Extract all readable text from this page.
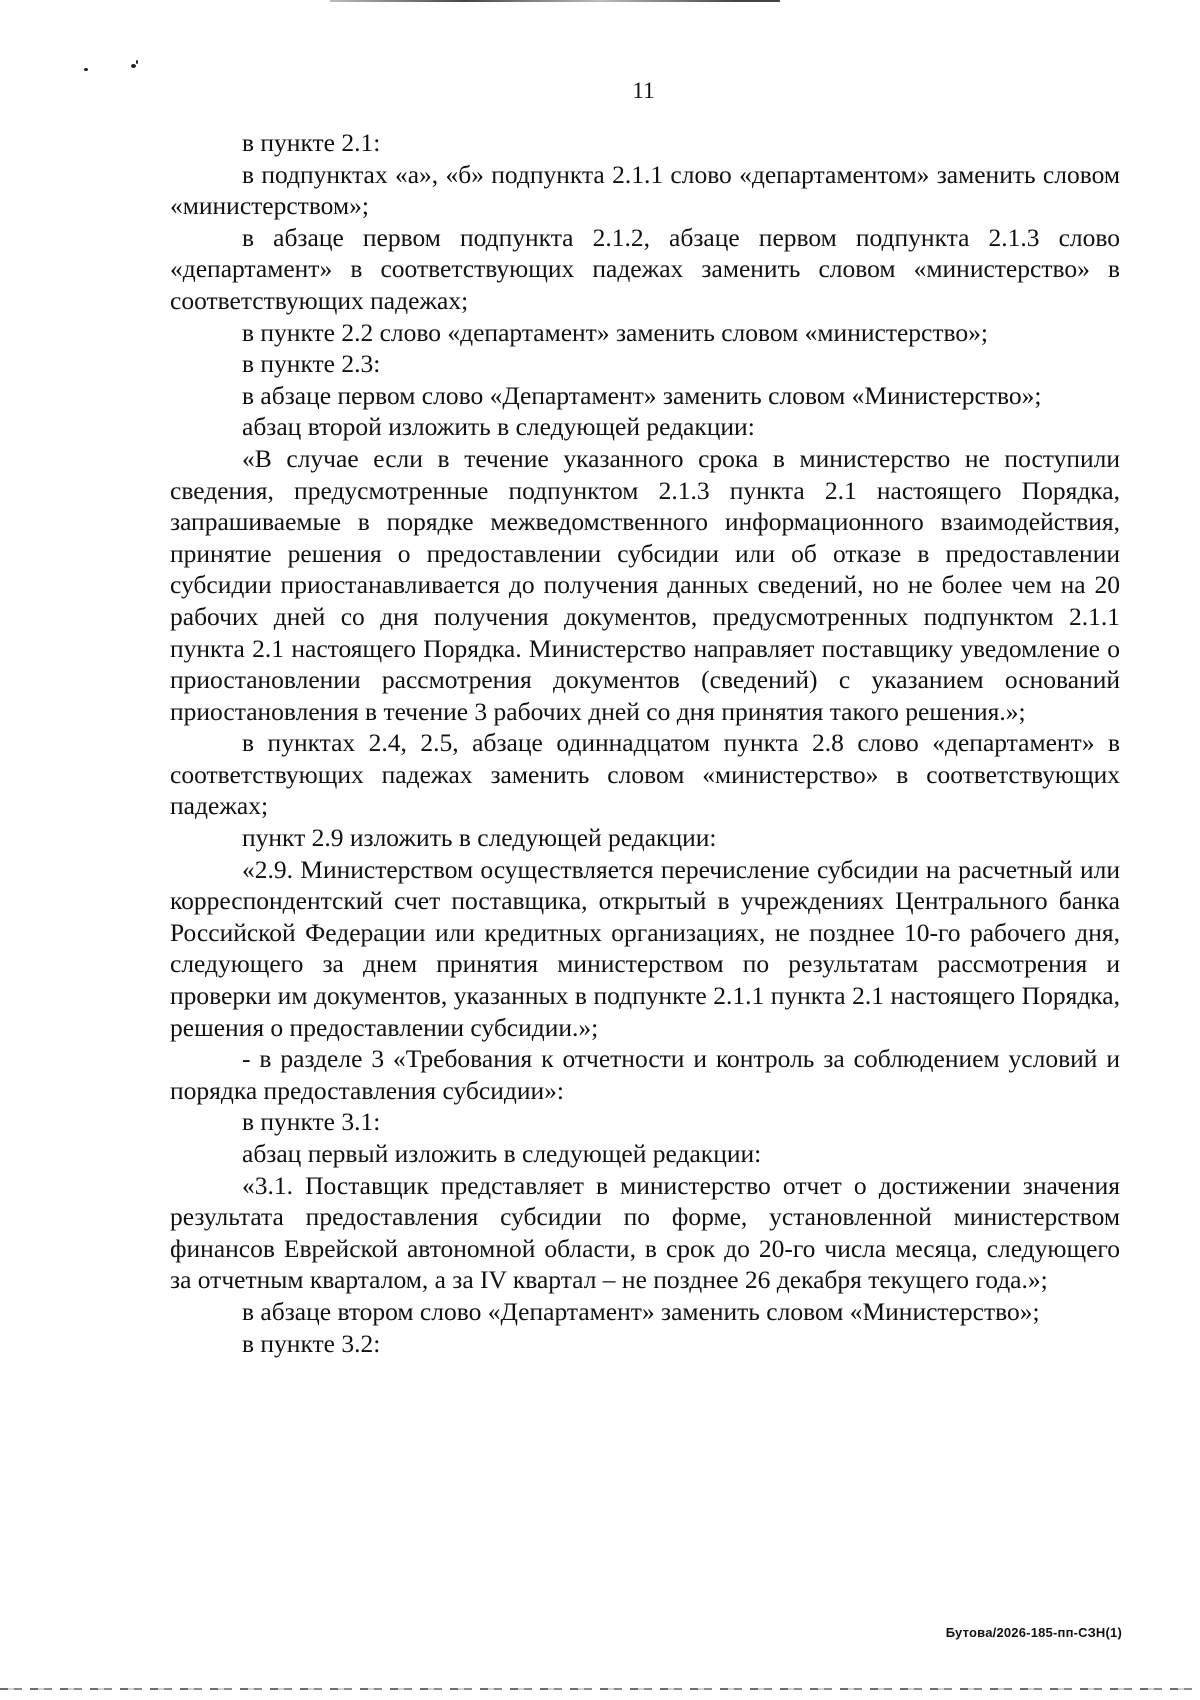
11

в пункте 2.1:

в подпунктах «а», «б» подпункта 2.1.1 слово «департаментом» заменить словом «министерством»;

в абзаце первом подпункта 2.1.2, абзаце первом подпункта 2.1.3 слово «департамент» в соответствующих падежах заменить словом «министерство» в соответствующих падежах;

в пункте 2.2 слово «департамент» заменить словом «министерство»;

в пункте 2.3:

в абзаце первом слово «Департамент» заменить словом «Министерство»;

абзац второй изложить в следующей редакции:

«В случае если в течение указанного срока в министерство не поступили сведения, предусмотренные подпунктом 2.1.3 пункта 2.1 настоящего Порядка, запрашиваемые в порядке межведомственного информационного взаимодействия, принятие решения о предоставлении субсидии или об отказе в предоставлении субсидии приостанавливается до получения данных сведений, но не более чем на 20 рабочих дней со дня получения документов, предусмотренных подпунктом 2.1.1 пункта 2.1 настоящего Порядка. Министерство направляет поставщику уведомление о приостановлении рассмотрения документов (сведений) с указанием оснований приостановления в течение 3 рабочих дней со дня принятия такого решения.»;

в пунктах 2.4, 2.5, абзаце одиннадцатом пункта 2.8 слово «департамент» в соответствующих падежах заменить словом «министерство» в соответствующих падежах;

пункт 2.9 изложить в следующей редакции:

«2.9. Министерством осуществляется перечисление субсидии на расчетный или корреспондентский счет поставщика, открытый в учреждениях Центрального банка Российской Федерации или кредитных организациях, не позднее 10-го рабочего дня, следующего за днем принятия министерством по результатам рассмотрения и проверки им документов, указанных в подпункте 2.1.1 пункта 2.1 настоящего Порядка, решения о предоставлении субсидии.»;

- в разделе 3 «Требования к отчетности и контроль за соблюдением условий и порядка предоставления субсидии»:

в пункте 3.1:

абзац первый изложить в следующей редакции:

«3.1. Поставщик представляет в министерство отчет о достижении значения результата предоставления субсидии по форме, установленной министерством финансов Еврейской автономной области, в срок до 20-го числа месяца, следующего за отчетным кварталом, а за IV квартал – не позднее 26 декабря текущего года.»;

в абзаце втором слово «Департамент» заменить словом «Министерство»;

в пункте 3.2:

Бутова/2026-185-пп-СЗН(1)
